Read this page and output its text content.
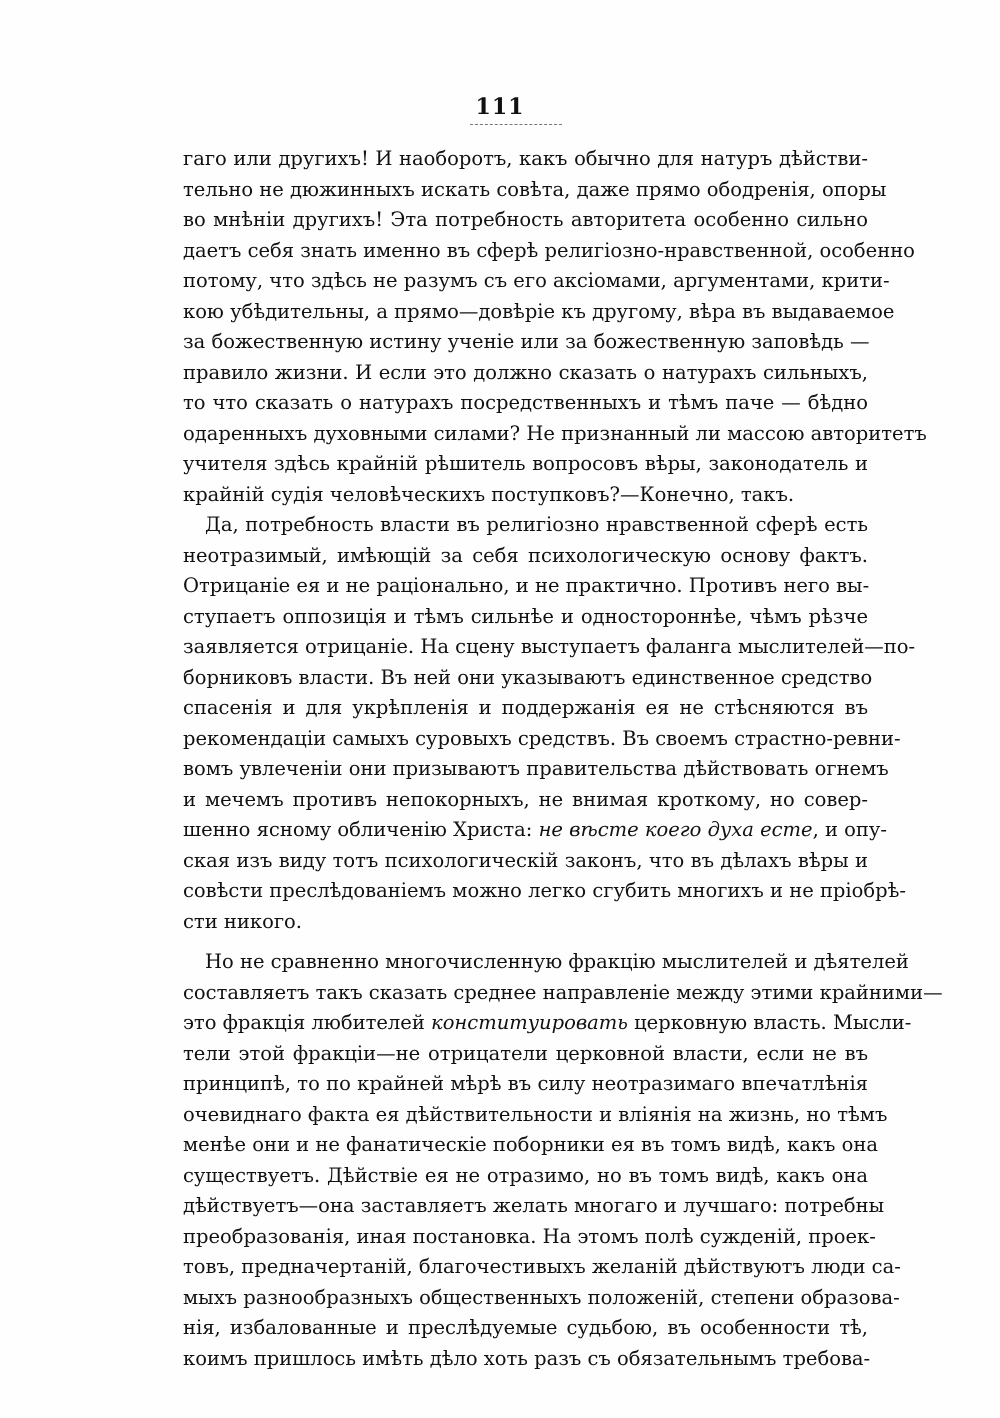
111
гаго или другихъ! И наоборотъ, какъ обычно для натуръ дѣйстви-
тельно не дюжинныхъ искать совѣта, даже прямо ободренія, опоры
во мнѣніи другихъ! Эта потребность авторитета особенно сильно
даетъ себя знать именно въ сферѣ религіозно-нравственной, особенно
потому, что здѣсь не разумъ съ его аксіомами, аргументами, крити-
кою убѣдительны, а прямо—довѣріе къ другому, вѣра въ выдаваемое
за божественную истину ученіе или за божественную заповѣдь —
правило жизни. И если это должно сказать о натурахъ сильныхъ,
то что сказать о натурахъ посредственныхъ и тѣмъ паче — бѣдно
одаренныхъ духовными силами? Не признанный ли массою авторитетъ
учителя здѣсь крайній рѣшитель вопросовъ вѣры, законодатель и
крайній судія человѣческихъ поступковъ?—Конечно, такъ.
Да, потребность власти въ религіозно нравственной сферѣ есть
неотразимый, имѣющій за себя психологическую основу фактъ.
Отрицаніе ея и не раціонально, и не практично. Противъ него вы-
ступаетъ оппозиція и тѣмъ сильнѣе и одностороннѣе, чѣмъ рѣзче
заявляется отрицаніе. На сцену выступаетъ фаланга мыслителей—по-
борниковъ власти. Въ ней они указываютъ единственное средство
спасенія и для укрѣпленія и поддержанія ея не стѣсняются въ
рекомендаціи самыхъ суровыхъ средствъ. Въ своемъ страстно-ревни-
вомъ увлеченіи они призываютъ правительства дѣйствовать огнемъ
и мечемъ противъ непокорныхъ, не внимая кроткому, но совер-
шенно ясному обличенію Христа: не вѣсте коего духа есте, и опу-
ская изъ виду тотъ психологическій законъ, что въ дѣлахъ вѣры и
совѣсти преслѣдованіемъ можно легко сгубить многихъ и не пріобрѣ-
сти никого.
Но не сравненно многочисленную фракцію мыслителей и дѣятелей
составляетъ такъ сказать среднее направленіе между этими крайними—
это фракція любителей конституировать церковную власть. Мысли-
тели этой фракціи—не отрицатели церковной власти, если не въ
принципѣ, то по крайней мѣрѣ въ силу неотразимаго впечатлѣнія
очевиднаго факта ея дѣйствительности и вліянія на жизнь, но тѣмъ
менѣе они и не фанатическіе поборники ея въ томъ видѣ, какъ она
существуетъ. Дѣйствіе ея не отразимо, но въ томъ видѣ, какъ она
дѣйствуетъ—она заставляетъ желать многаго и лучшаго: потребны
преобразованія, иная постановка. На этомъ полѣ сужденій, проек-
товъ, предначертаній, благочестивыхъ желаній дѣйствуютъ люди са-
мыхъ разнообразныхъ общественныхъ положеній, степени образова-
нія, избалованные и преслѣдуемые судьбою, въ особенности тѣ,
коимъ пришлось имѣть дѣло хоть разъ съ обязательнымъ требова-
